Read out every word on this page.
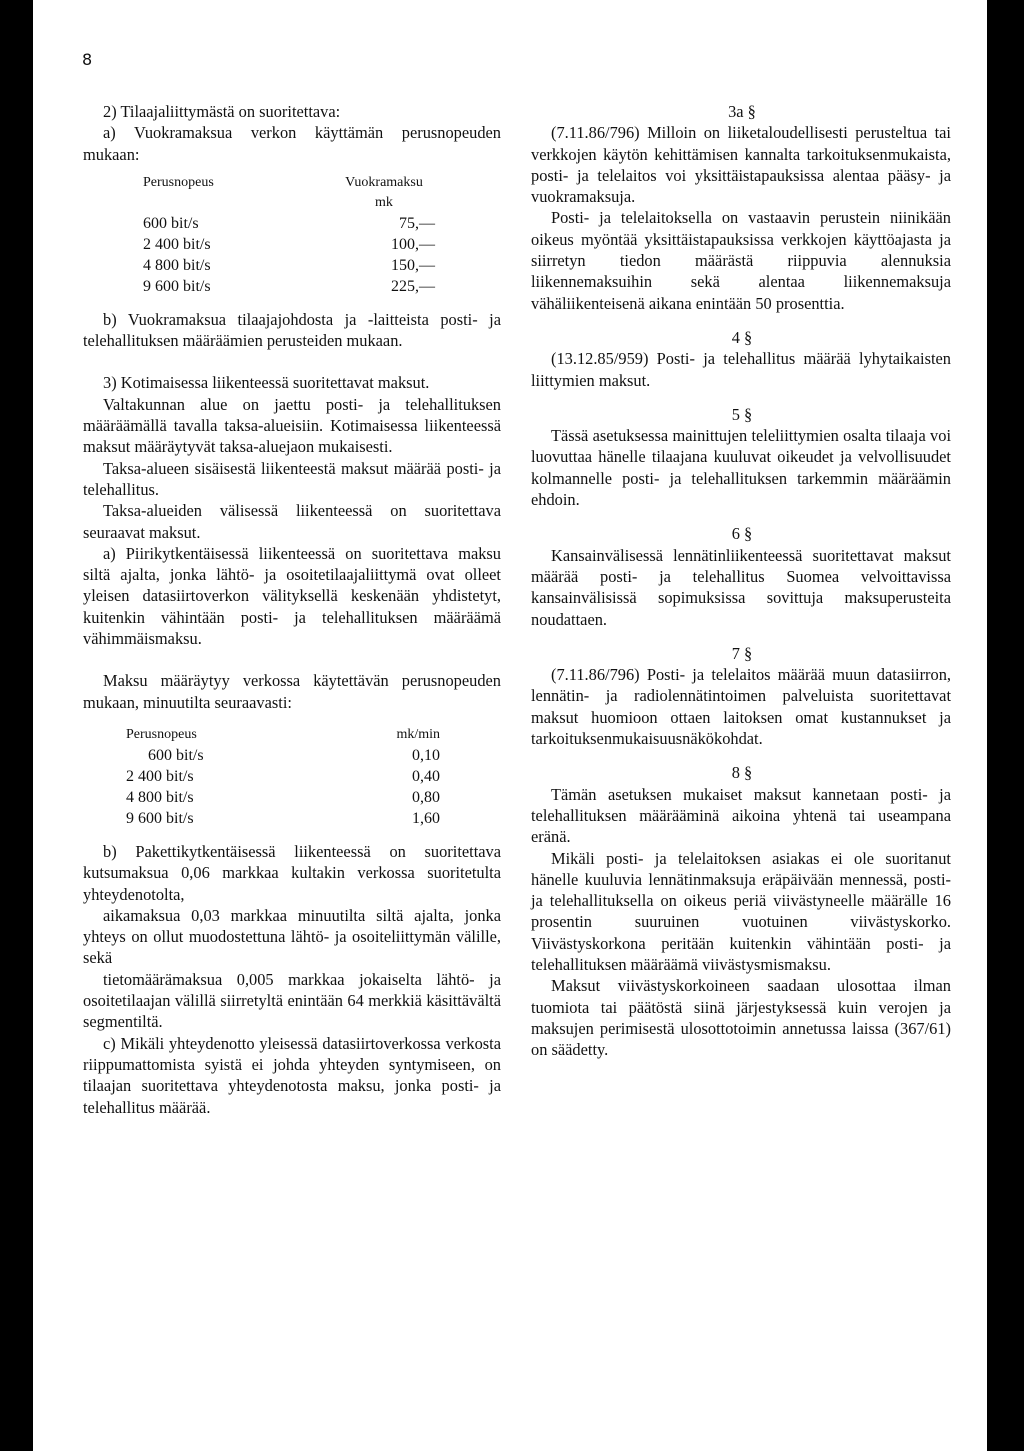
8

2) Tilaajaliittymästä on suoritettava:

a) Vuokramaksua verkon käyttämän perusnopeuden mukaan:

Perusnopeus	Vuokramaksu
	mk
600 bit/s	75,—
2 400 bit/s	100,—
4 800 bit/s	150,—
9 600 bit/s	225,—

b) Vuokramaksua tilaajajohdosta ja -laitteista posti- ja telehallituksen määräämien perusteiden mukaan.

3) Kotimaisessa liikenteessä suoritettavat maksut.

Valtakunnan alue on jaettu posti- ja telehallituksen määräämällä tavalla taksa-alueisiin. Kotimaisessa liikenteessä maksut määräytyvät taksa-aluejaon mukaisesti.

Taksa-alueen sisäisestä liikenteestä maksut määrää posti- ja telehallitus.

Taksa-alueiden välisessä liikenteessä on suoritettava seuraavat maksut.

a) Piirikytkentäisessä liikenteessä on suoritettava maksu siltä ajalta, jonka lähtö- ja osoitetilaajaliittymä ovat olleet yleisen datasiirtoverkon välityksellä keskenään yhdistetyt, kuitenkin vähintään posti- ja telehallituksen määräämä vähimmäismaksu.

Maksu määräytyy verkossa käytettävän perusnopeuden mukaan, minuutilta seuraavasti:

Perusnopeus	mk/min
600 bit/s	0,10
2 400 bit/s	0,40
4 800 bit/s	0,80
9 600 bit/s	1,60

b) Pakettikytkentäisessä liikenteessä on suoritettava kutsumaksua 0,06 markkaa kultakin verkossa suoritetulta yhteydenotolta,

aikamaksua 0,03 markkaa minuutilta siltä ajalta, jonka yhteys on ollut muodostettuna lähtö- ja osoiteliittymän välille, sekä

tietomäärämaksua 0,005 markkaa jokaiselta lähtö- ja osoitetilaajan välillä siirretyltä enintään 64 merkkiä käsittävältä segmentiltä.

c) Mikäli yhteydenotto yleisessä datasiirtoverkossa verkosta riippumattomista syistä ei johda yhteyden syntymiseen, on tilaajan suoritettava yhteydenotosta maksu, jonka posti- ja telehallitus määrää.

3a §

(7.11.86/796) Milloin on liiketaloudellisesti perusteltua tai verkkojen käytön kehittämisen kannalta tarkoituksenmukaista, posti- ja telelaitos voi yksittäistapauksissa alentaa pääsy- ja vuokramaksuja.

Posti- ja telelaitoksella on vastaavin perustein niinikään oikeus myöntää yksittäistapauksissa verkkojen käyttöajasta ja siirretyn tiedon määrästä riippuvia alennuksia liikennemaksuihin sekä alentaa liikennemaksuja vähäliikenteisenä aikana enintään 50 prosenttia.

4 §

(13.12.85/959) Posti- ja telehallitus määrää lyhytaikaisten liittymien maksut.

5 §

Tässä asetuksessa mainittujen teleliittymien osalta tilaaja voi luovuttaa hänelle tilaajana kuuluvat oikeudet ja velvollisuudet kolmannelle posti- ja telehallituksen tarkemmin määräämin ehdoin.

6 §

Kansainvälisessä lennätinliikenteessä suoritettavat maksut määrää posti- ja telehallitus Suomea velvoittavissa kansainvälisissä sopimuksissa sovittuja maksuperusteita noudattaen.

7 §

(7.11.86/796) Posti- ja telelaitos määrää muun datasiirron, lennätin- ja radiolennätintoimen palveluista suoritettavat maksut huomioon ottaen laitoksen omat kustannukset ja tarkoituksenmukaisuusnäkökohdat.

8 §

Tämän asetuksen mukaiset maksut kannetaan posti- ja telehallituksen määrääminä aikoina yhtenä tai useampana eränä.

Mikäli posti- ja telelaitoksen asiakas ei ole suoritanut hänelle kuuluvia lennätinmaksuja eräpäivään mennessä, posti- ja telehallituksella on oikeus periä viivästyneelle määrälle 16 prosentin suuruinen vuotuinen viivästyskorko. Viivästyskorkona peritään kuitenkin vähintään posti- ja telehallituksen määräämä viivästysmismaksu.

Maksut viivästyskorkoineen saadaan ulosottaa ilman tuomiota tai päätöstä siinä järjestyksessä kuin verojen ja maksujen perimisestä ulosottotoimin annetussa laissa (367/61) on säädetty.
